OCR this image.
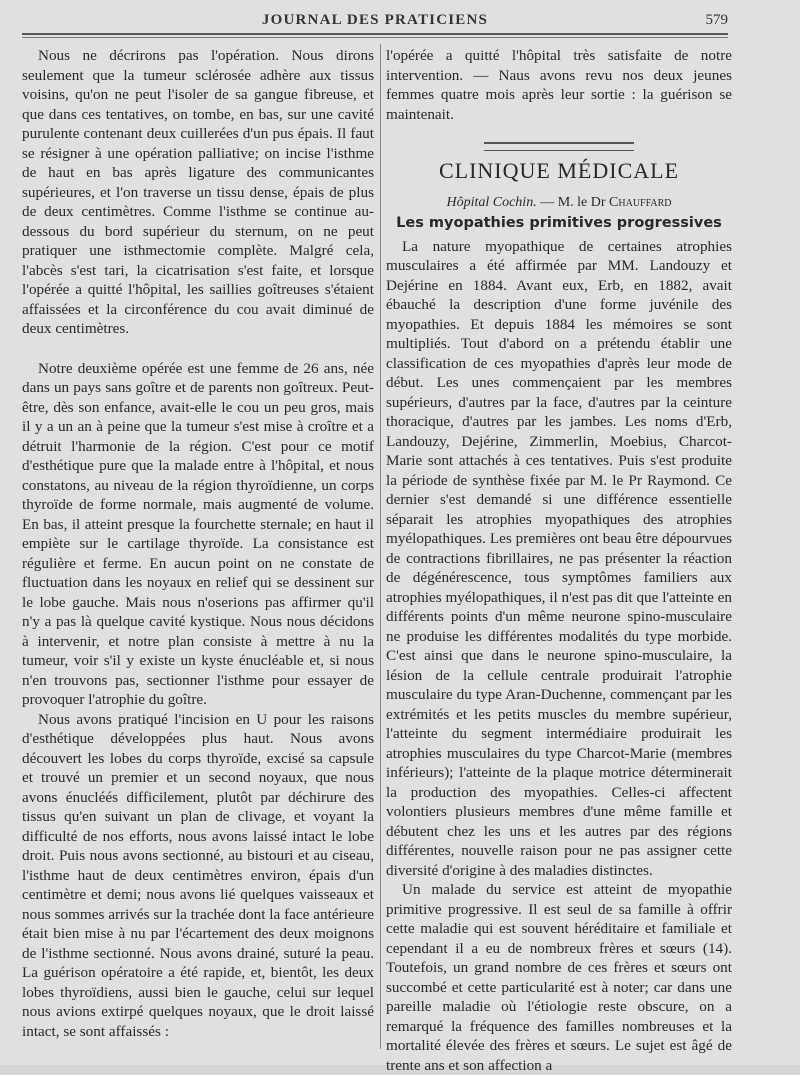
JOURNAL DES PRATICIENS	579

Nous ne décrirons pas l'opération. Nous dirons seulement que la tumeur sclérosée adhère aux tissus voisins, qu'on ne peut l'isoler de sa gangue fibreuse, et que dans ces tentatives, on tombe, en bas, sur une cavité purulente contenant deux cuillerées d'un pus épais. Il faut se résigner à une opération palliative; on incise l'isthme de haut en bas après ligature des communicantes supérieures, et l'on traverse un tissu dense, épais de plus de deux centimètres. Comme l'isthme se continue au-dessous du bord supérieur du sternum, on ne peut pratiquer une isthmectomie complète. Malgré cela, l'abcès s'est tari, la cicatrisation s'est faite, et lorsque l'opérée a quitté l'hôpital, les saillies goîtreuses s'étaient affaissées et la circonférence du cou avait diminué de deux centimètres.

Notre deuxième opérée est une femme de 26 ans, née dans un pays sans goître et de parents non goîtreux. Peut-être, dès son enfance, avait-elle le cou un peu gros, mais il y a un an à peine que la tumeur s'est mise à croître et a détruit l'harmonie de la région. C'est pour ce motif d'esthétique pure que la malade entre à l'hôpital, et nous constatons, au niveau de la région thyroïdienne, un corps thyroïde de forme normale, mais augmenté de volume. En bas, il atteint presque la fourchette sternale; en haut il empiète sur le cartilage thyroïde. La consistance est régulière et ferme. En aucun point on ne constate de fluctuation dans les noyaux en relief qui se dessinent sur le lobe gauche. Mais nous n'oserions pas affirmer qu'il n'y a pas là quelque cavité kystique. Nous nous décidons à intervenir, et notre plan consiste à mettre à nu la tumeur, voir s'il y existe un kyste énucléable et, si nous n'en trouvons pas, sectionner l'isthme pour essayer de provoquer l'atrophie du goître.

Nous avons pratiqué l'incision en U pour les raisons d'esthétique développées plus haut. Nous avons découvert les lobes du corps thyroïde, excisé sa capsule et trouvé un premier et un second noyaux, que nous avons énucléés difficilement, plutôt par déchirure des tissus qu'en suivant un plan de clivage, et voyant la difficulté de nos efforts, nous avons laissé intact le lobe droit. Puis nous avons sectionné, au bistouri et au ciseau, l'isthme haut de deux centimètres environ, épais d'un centimètre et demi; nous avons lié quelques vaisseaux et nous sommes arrivés sur la trachée dont la face antérieure était bien mise à nu par l'écartement des deux moignons de l'isthme sectionné. Nous avons drainé, suturé la peau. La guérison opératoire a été rapide, et, bientôt, les deux lobes thyroïdiens, aussi bien le gauche, celui sur lequel nous avions extirpé quelques noyaux, que le droit laissé intact, se sont affaissés :

l'opérée a quitté l'hôpital très satisfaite de notre intervention. — Naus avons revu nos deux jeunes femmes quatre mois après leur sortie : la guérison se maintenait.

CLINIQUE MÉDICALE
Hôpital Cochin. — M. le Dr Chauffard
Les myopathies primitives progressives

La nature myopathique de certaines atrophies musculaires a été affirmée par MM. Landouzy et Dejérine en 1884. Avant eux, Erb, en 1882, avait ébauché la description d'une forme juvénile des myopathies. Et depuis 1884 les mémoires se sont multipliés. Tout d'abord on a prétendu établir une classification de ces myopathies d'après leur mode de début. Les unes commençaient par les membres supérieurs, d'autres par la face, d'autres par la ceinture thoracique, d'autres par les jambes. Les noms d'Erb, Landouzy, Dejérine, Zimmerlin, Moebius, Charcot-Marie sont attachés à ces tentatives. Puis s'est produite la période de synthèse fixée par M. le Pr Raymond. Ce dernier s'est demandé si une différence essentielle séparait les atrophies myopathiques des atrophies myélopathiques. Les premières ont beau être dépourvues de contractions fibrillaires, ne pas présenter la réaction de dégénérescence, tous symptômes familiers aux atrophies myélopathiques, il n'est pas dit que l'atteinte en différents points d'un même neurone spino-musculaire ne produise les différentes modalités du type morbide. C'est ainsi que dans le neurone spino-musculaire, la lésion de la cellule centrale produirait l'atrophie musculaire du type Aran-Duchenne, commençant par les extrémités et les petits muscles du membre supérieur, l'atteinte du segment intermédiaire produirait les atrophies musculaires du type Charcot-Marie (membres inférieurs); l'atteinte de la plaque motrice déterminerait la production des myopathies. Celles-ci affectent volontiers plusieurs membres d'une même famille et débutent chez les uns et les autres par des régions différentes, nouvelle raison pour ne pas assigner cette diversité d'origine à des maladies distinctes.

Un malade du service est atteint de myopathie primitive progressive. Il est seul de sa famille à offrir cette maladie qui est souvent héréditaire et familiale et cependant il a eu de nombreux frères et sœurs (14). Toutefois, un grand nombre de ces frères et sœurs ont succombé et cette particularité est à noter; car dans une pareille maladie où l'étiologie reste obscure, on a remarqué la fréquence des familles nombreuses et la mortalité élevée des frères et sœurs. Le sujet est âgé de trente ans et son affection a
